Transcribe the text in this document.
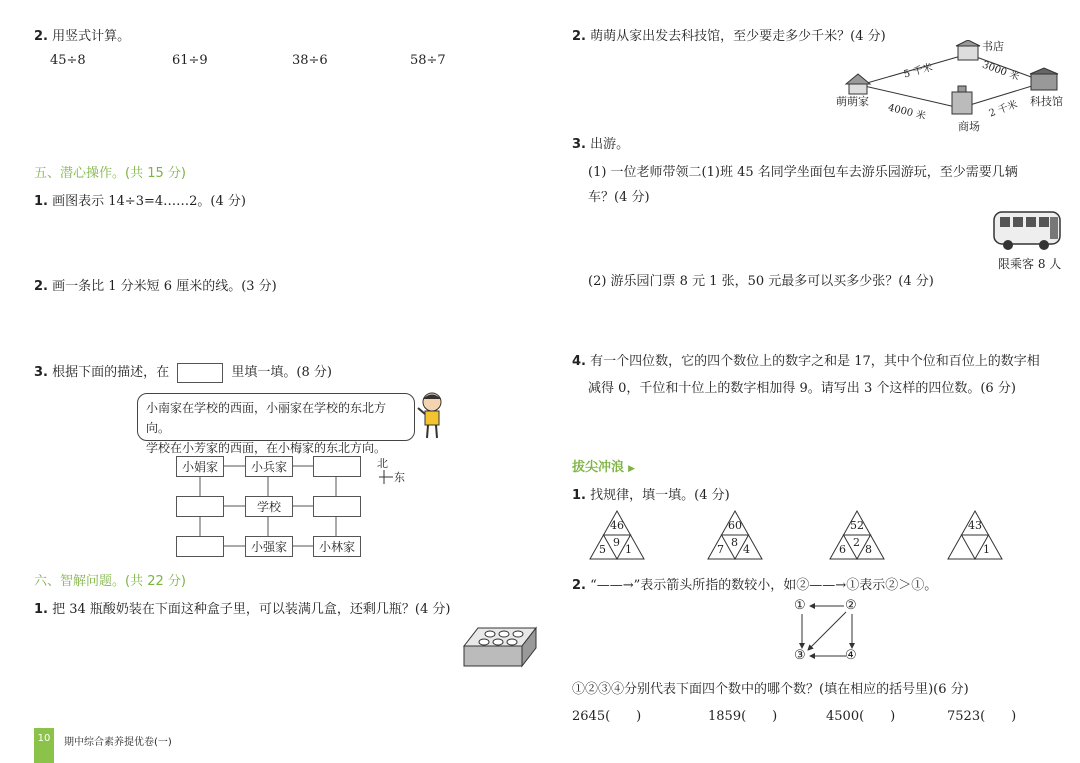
2. 用竖式计算。
45÷8	61÷9	38÷6	58÷7
五、潜心操作。(共 15 分)
1. 画图表示 14÷3=4……2。(4 分)
2. 画一条比 1 分米短 6 厘米的线。(3 分)
3. 根据下面的描述，在	里填一填。(8 分)
小南家在学校的西面，小丽家在学校的东北方向。
学校在小芳家的西面，在小梅家的东北方向。
小娟家	小兵家
学校
小强家	小林家
北
东
六、智解问题。(共 22 分)
1. 把 34 瓶酸奶装在下面这种盒子里，可以装满几盒，还剩几瓶？(4 分)
10	期中综合素养提优卷(一)
2. 萌萌从家出发去科技馆，至少要走多少千米？(4 分)
萌萌家
书店
科技馆
商场
5 千米	3000 米
4000 米	2 千米
3. 出游。
(1) 一位老师带领二(1)班 45 名同学坐面包车去游乐园游玩，至少需要几辆
车？(4 分)
限乘客 8 人
(2) 游乐园门票 8 元 1 张，50 元最多可以买多少张？(4 分)
4. 有一个四位数，它的四个数位上的数字之和是 17，其中个位和百位上的数字相
减得 0，千位和十位上的数字相加得 9。请写出 3 个这样的四位数。(6 分)
拔尖冲浪 ▶
1. 找规律，填一填。(4 分)
46
9
5 1
60
8
7 4
52
2
6 8
43
1
2. “——→”表示箭头所指的数较小，如②——→①表示②＞①。
①	②
③	④
①②③④分别代表下面四个数中的哪个数？(填在相应的括号里)(6 分)
2645(　　)	1859(　　)	4500(　　)	7523(　　)
